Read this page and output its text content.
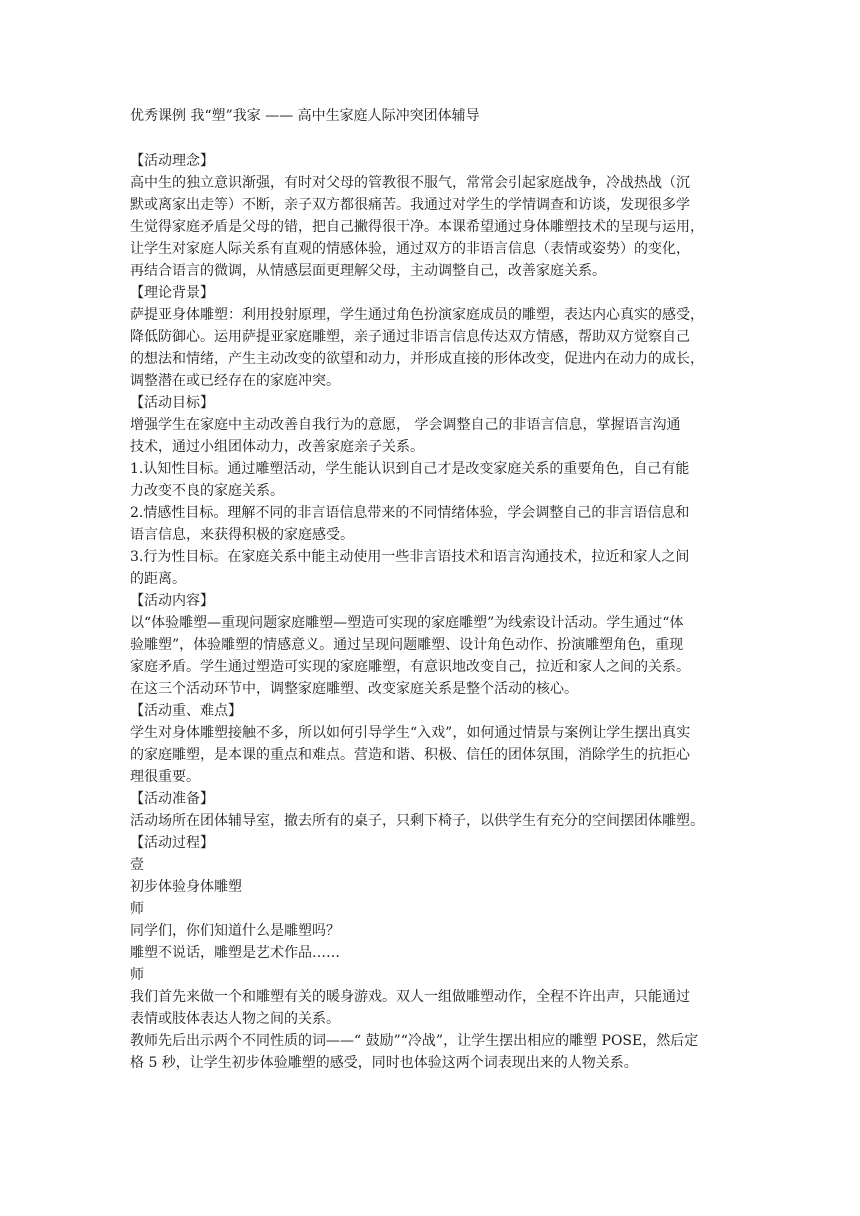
优秀课例 我“塑”我家 —— 高中生家庭人际冲突团体辅导
【活动理念】
高中生的独立意识渐强，有时对父母的管教很不服气，常常会引起家庭战争，冷战热战（沉
默或离家出走等）不断，亲子双方都很痛苦。我通过对学生的学情调查和访谈，发现很多学
生觉得家庭矛盾是父母的错，把自己撇得很干净。本课希望通过身体雕塑技术的呈现与运用，
让学生对家庭人际关系有直观的情感体验，通过双方的非语言信息（表情或姿势）的变化，
再结合语言的微调，从情感层面更理解父母，主动调整自己，改善家庭关系。
【理论背景】
萨提亚身体雕塑：利用投射原理，学生通过角色扮演家庭成员的雕塑，表达内心真实的感受，
降低防御心。运用萨提亚家庭雕塑，亲子通过非语言信息传达双方情感，帮助双方觉察自己
的想法和情绪，产生主动改变的欲望和动力，并形成直接的形体改变，促进内在动力的成长，
调整潜在或已经存在的家庭冲突。
【活动目标】
增强学生在家庭中主动改善自我行为的意愿， 学会调整自己的非语言信息，掌握语言沟通
技术，通过小组团体动力，改善家庭亲子关系。
1.认知性目标。通过雕塑活动，学生能认识到自己才是改变家庭关系的重要角色，自己有能
力改变不良的家庭关系。
2.情感性目标。理解不同的非言语信息带来的不同情绪体验，学会调整自己的非言语信息和
语言信息，来获得积极的家庭感受。
3.行为性目标。在家庭关系中能主动使用一些非言语技术和语言沟通技术，拉近和家人之间
的距离。
【活动内容】
以“体验雕塑—重现问题家庭雕塑—塑造可实现的家庭雕塑”为线索设计活动。学生通过“体
验雕塑”，体验雕塑的情感意义。通过呈现问题雕塑、设计角色动作、扮演雕塑角色，重现
家庭矛盾。学生通过塑造可实现的家庭雕塑，有意识地改变自己，拉近和家人之间的关系。
在这三个活动环节中，调整家庭雕塑、改变家庭关系是整个活动的核心。
【活动重、难点】
学生对身体雕塑接触不多，所以如何引导学生“入戏”，如何通过情景与案例让学生摆出真实
的家庭雕塑，是本课的重点和难点。营造和谐、积极、信任的团体氛围，消除学生的抗拒心
理很重要。
【活动准备】
活动场所在团体辅导室，撤去所有的桌子，只剩下椅子，以供学生有充分的空间摆团体雕塑。
【活动过程】
壹
初步体验身体雕塑
师
同学们，你们知道什么是雕塑吗？
雕塑不说话，雕塑是艺术作品……
师
我们首先来做一个和雕塑有关的暖身游戏。双人一组做雕塑动作，全程不许出声，只能通过
表情或肢体表达人物之间的关系。
教师先后出示两个不同性质的词——“ 鼓励”“冷战”，让学生摆出相应的雕塑 POSE，然后定
格 5 秒，让学生初步体验雕塑的感受，同时也体验这两个词表现出来的人物关系。
